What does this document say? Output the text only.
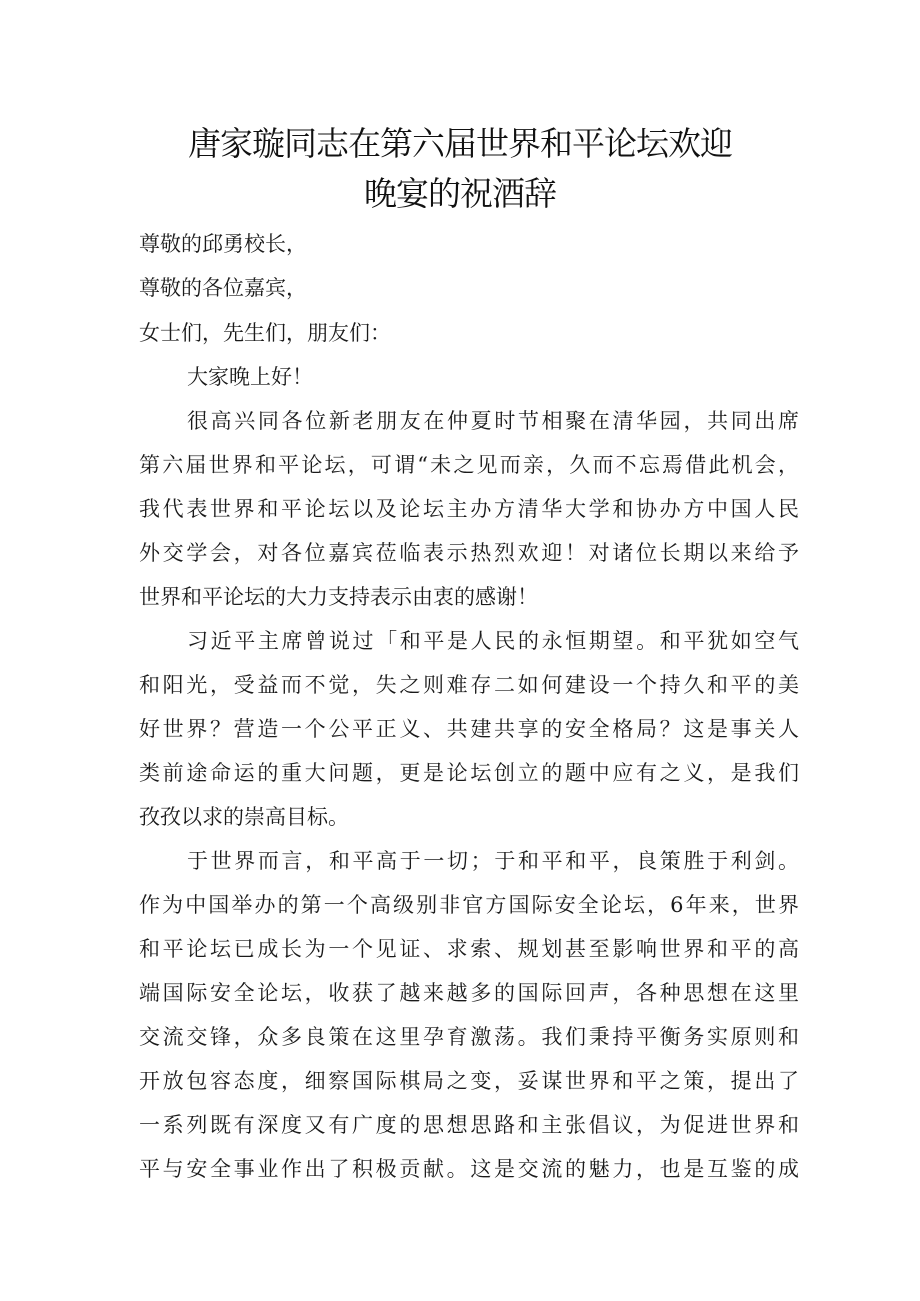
唐家璇同志在第六届世界和平论坛欢迎
晚宴的祝酒辞
尊敬的邱勇校长，
尊敬的各位嘉宾，
女士们，先生们，朋友们：
大家晚上好！
很高兴同各位新老朋友在仲夏时节相聚在清华园，共同出席
第六届世界和平论坛，可谓“未之见而亲，久而不忘焉借此机会，
我代表世界和平论坛以及论坛主办方清华大学和协办方中国人民
外交学会，对各位嘉宾莅临表示热烈欢迎！对诸位长期以来给予
世界和平论坛的大力支持表示由衷的感谢！
习近平主席曾说过「和平是人民的永恒期望。和平犹如空气
和阳光，受益而不觉，失之则难存二如何建设一个持久和平的美
好世界？营造一个公平正义、共建共享的安全格局？这是事关人
类前途命运的重大问题，更是论坛创立的题中应有之义，是我们
孜孜以求的崇高目标。
于世界而言，和平高于一切；于和平和平，良策胜于利剑。
作为中国举办的第一个高级别非官方国际安全论坛，6年来，世界
和平论坛已成长为一个见证、求索、规划甚至影响世界和平的高
端国际安全论坛，收获了越来越多的国际回声，各种思想在这里
交流交锋，众多良策在这里孕育激荡。我们秉持平衡务实原则和
开放包容态度，细察国际棋局之变，妥谋世界和平之策，提出了
一系列既有深度又有广度的思想思路和主张倡议，为促进世界和
平与安全事业作出了积极贡献。这是交流的魅力，也是互鉴的成
